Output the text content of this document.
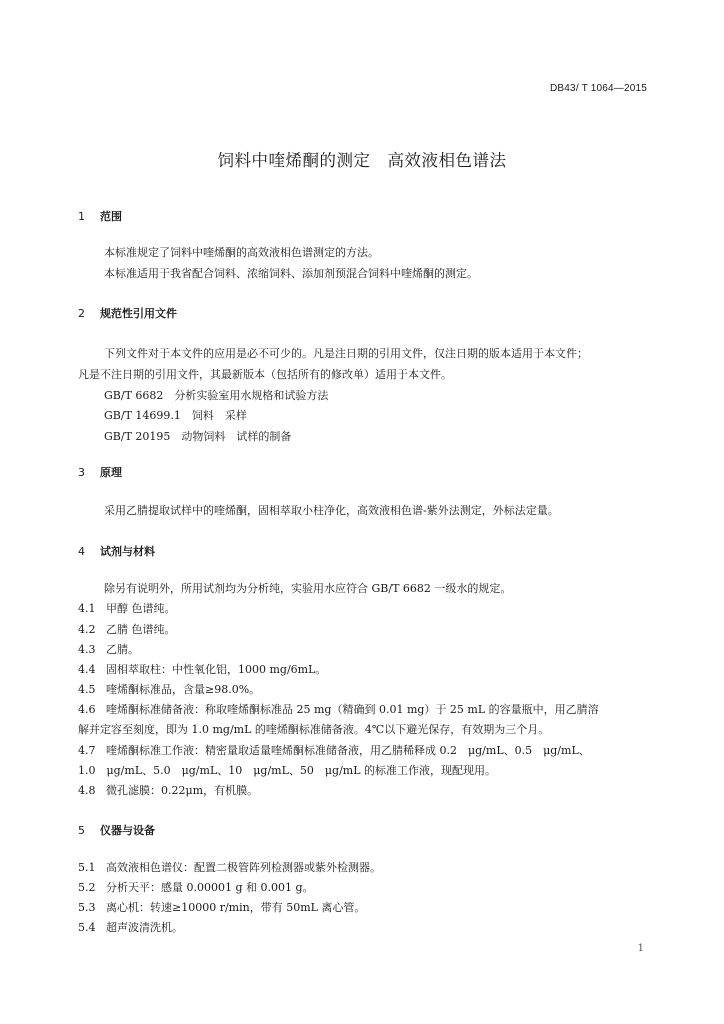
DB43/ T 1064—2015
饲料中喹烯酮的测定　高效液相色谱法
1 范围
本标准规定了饲料中喹烯酮的高效液相色谱测定的方法。
本标准适用于我省配合饲料、浓缩饲料、添加剂预混合饲料中喹烯酮的测定。
2 规范性引用文件
下列文件对于本文件的应用是必不可少的。凡是注日期的引用文件，仅注日期的版本适用于本文件；
凡是不注日期的引用文件，其最新版本（包括所有的修改单）适用于本文件。
GB/T 6682　分析实验室用水规格和试验方法
GB/T 14699.1　饲料　采样
GB/T 20195　动物饲料　试样的制备
3 原理
采用乙腈提取试样中的喹烯酮，固相萃取小柱净化，高效液相色谱-紫外法测定，外标法定量。
4 试剂与材料
除另有说明外，所用试剂均为分析纯，实验用水应符合 GB/T 6682 一级水的规定。
4.1 甲醇 色谱纯。
4.2 乙腈 色谱纯。
4.3 乙腈。
4.4 固相萃取柱：中性氧化铝，1000 mg/6mL。
4.5 喹烯酮标准品，含量≥98.0%。
4.6 喹烯酮标准储备液：称取喹烯酮标准品 25 mg（精确到 0.01 mg）于 25 mL 的容量瓶中，用乙腈溶
解并定容至刻度，即为 1.0 mg/mL 的喹烯酮标准储备液。4℃以下避光保存，有效期为三个月。
4.7 喹烯酮标准工作液：精密量取适量喹烯酮标准储备液，用乙腈稀释成 0.2　μg/mL、0.5　μg/mL、
1.0　μg/mL、5.0　μg/mL、10　μg/mL、50　μg/mL 的标准工作液，现配现用。
4.8 微孔滤膜：0.22μm，有机膜。
5 仪器与设备
5.1 高效液相色谱仪：配置二极管阵列检测器或紫外检测器。
5.2 分析天平：感量 0.00001 g 和 0.001 g。
5.3 离心机：转速≥10000 r/min，带有 50mL 离心管。
5.4 超声波清洗机。
1
